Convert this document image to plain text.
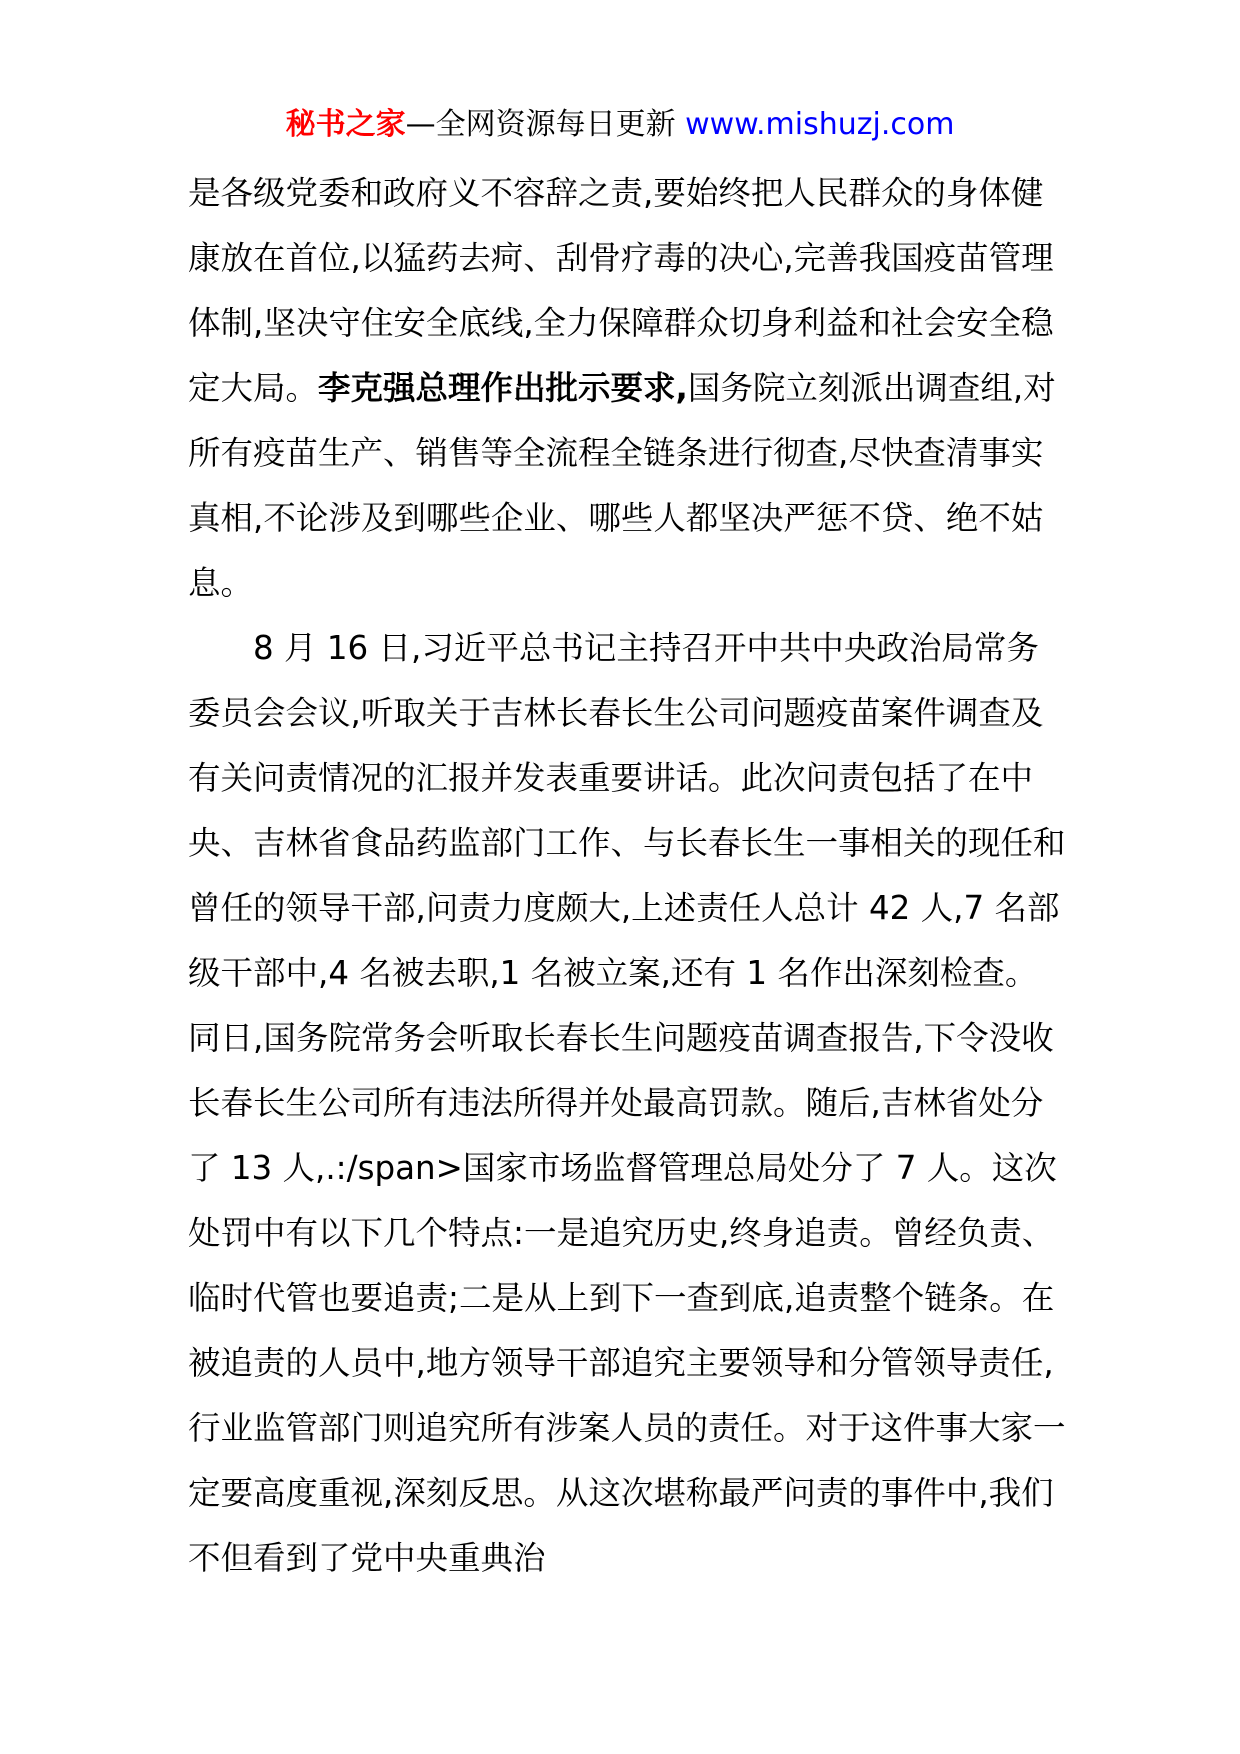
秘书之家—全网资源每日更新 www.mishuzj.com

是各级党委和政府义不容辞之责,要始终把人民群众的身体健康放在首位,以猛药去疴、刮骨疗毒的决心,完善我国疫苗管理体制,坚决守住安全底线,全力保障群众切身利益和社会安全稳定大局。李克强总理作出批示要求,国务院立刻派出调查组,对所有疫苗生产、销售等全流程全链条进行彻查,尽快查清事实真相,不论涉及到哪些企业、哪些人都坚决严惩不贷、绝不姑息。

8 月 16 日,习近平总书记主持召开中共中央政治局常务委员会会议,听取关于吉林长春长生公司问题疫苗案件调查及有关问责情况的汇报并发表重要讲话。此次问责包括了在中央、吉林省食品药监部门工作、与长春长生一事相关的现任和曾任的领导干部,问责力度颇大,上述责任人总计 42 人,7 名部级干部中,4 名被去职,1 名被立案,还有 1 名作出深刻检查。同日,国务院常务会听取长春长生问题疫苗调查报告,下令没收长春长生公司所有违法所得并处最高罚款。随后,吉林省处分了 13 人,.:/span>国家市场监督管理总局处分了 7 人。这次处罚中有以下几个特点:一是追究历史,终身追责。曾经负责、临时代管也要追责;二是从上到下一查到底,追责整个链条。在被追责的人员中,地方领导干部追究主要领导和分管领导责任,行业监管部门则追究所有涉案人员的责任。对于这件事大家一定要高度重视,深刻反思。从这次堪称最严问责的事件中,我们不但看到了党中央重典治
